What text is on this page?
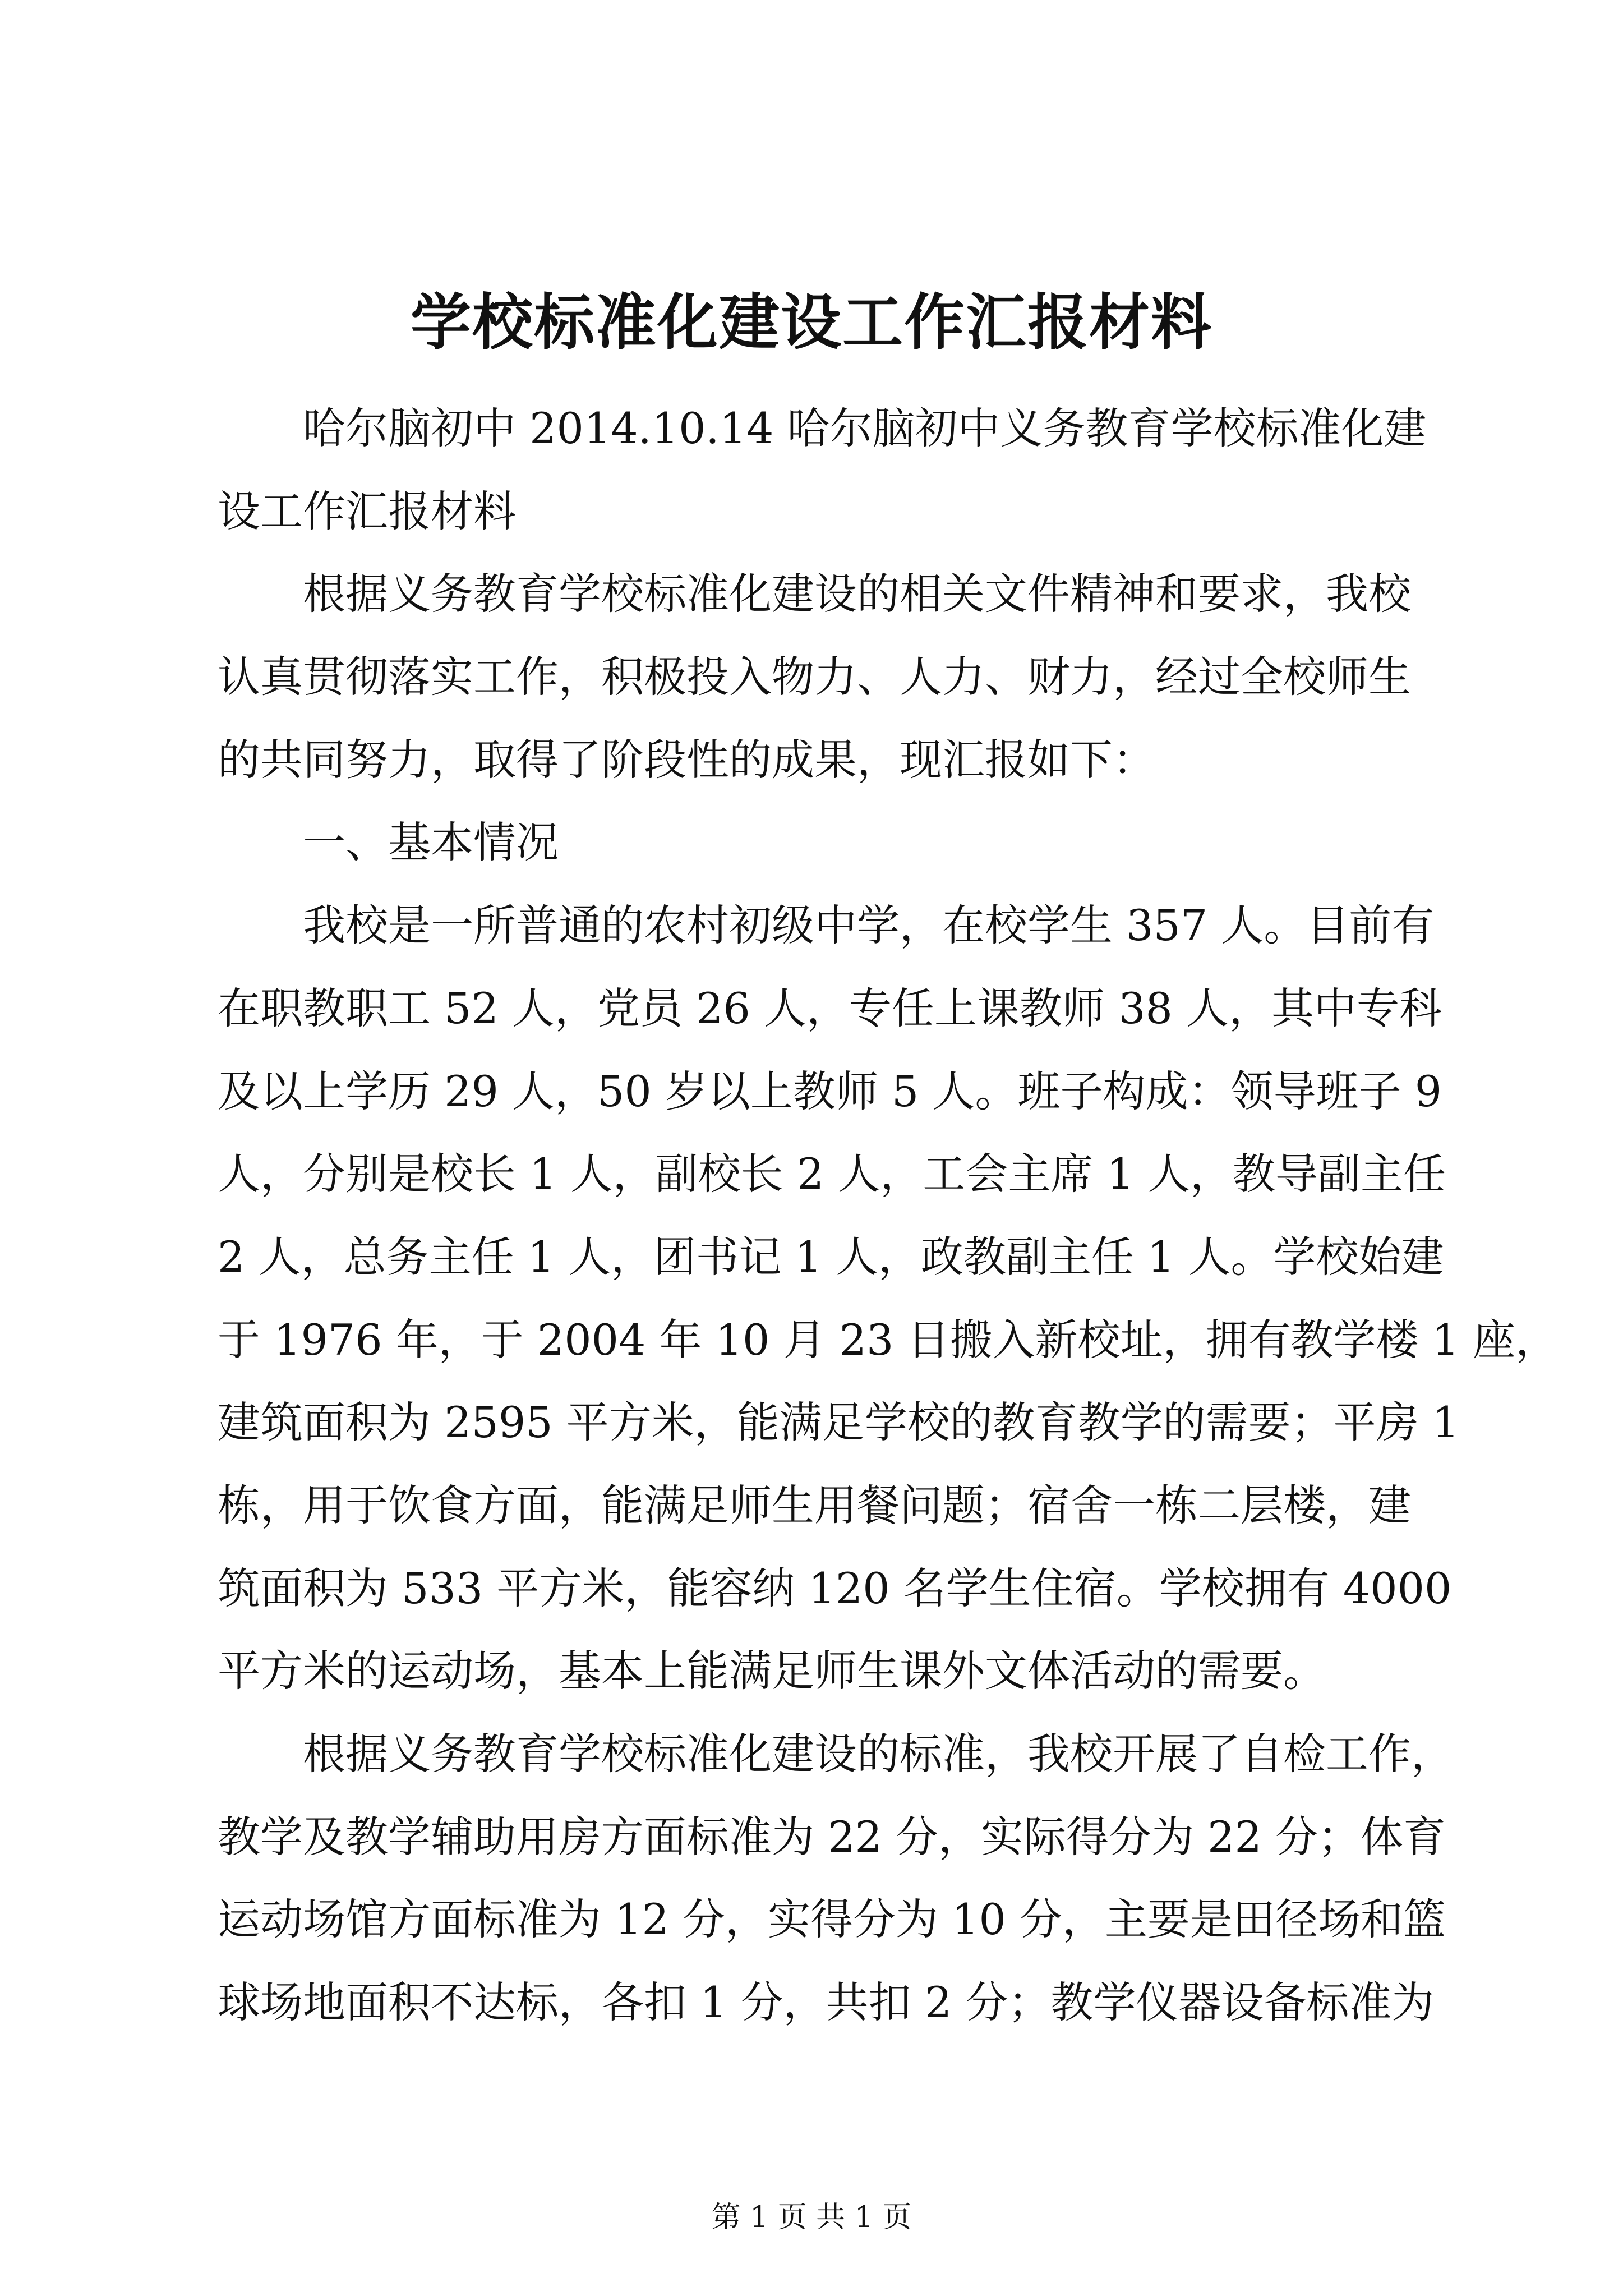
学校标准化建设工作汇报材料
哈尔脑初中 2014.10.14 哈尔脑初中义务教育学校标准化建
设工作汇报材料
根据义务教育学校标准化建设的相关文件精神和要求，我校
认真贯彻落实工作，积极投入物力、人力、财力，经过全校师生
的共同努力，取得了阶段性的成果，现汇报如下：
一、基本情况
我校是一所普通的农村初级中学，在校学生 357 人。目前有
在职教职工 52 人，党员 26 人，专任上课教师 38 人，其中专科
及以上学历 29 人，50 岁以上教师 5 人。班子构成：领导班子 9
人，分别是校长 1 人，副校长 2 人，工会主席 1 人，教导副主任
2 人，总务主任 1 人，团书记 1 人，政教副主任 1 人。学校始建
于 1976 年，于 2004 年 10 月 23 日搬入新校址，拥有教学楼 1 座，
建筑面积为 2595 平方米，能满足学校的教育教学的需要；平房 1
栋，用于饮食方面，能满足师生用餐问题；宿舍一栋二层楼，建
筑面积为 533 平方米，能容纳 120 名学生住宿。学校拥有 4000
平方米的运动场，基本上能满足师生课外文体活动的需要。
根据义务教育学校标准化建设的标准，我校开展了自检工作，
教学及教学辅助用房方面标准为 22 分，实际得分为 22 分；体育
运动场馆方面标准为 12 分，实得分为 10 分，主要是田径场和篮
球场地面积不达标，各扣 1 分，共扣 2 分；教学仪器设备标准为
第 1 页 共 1 页
